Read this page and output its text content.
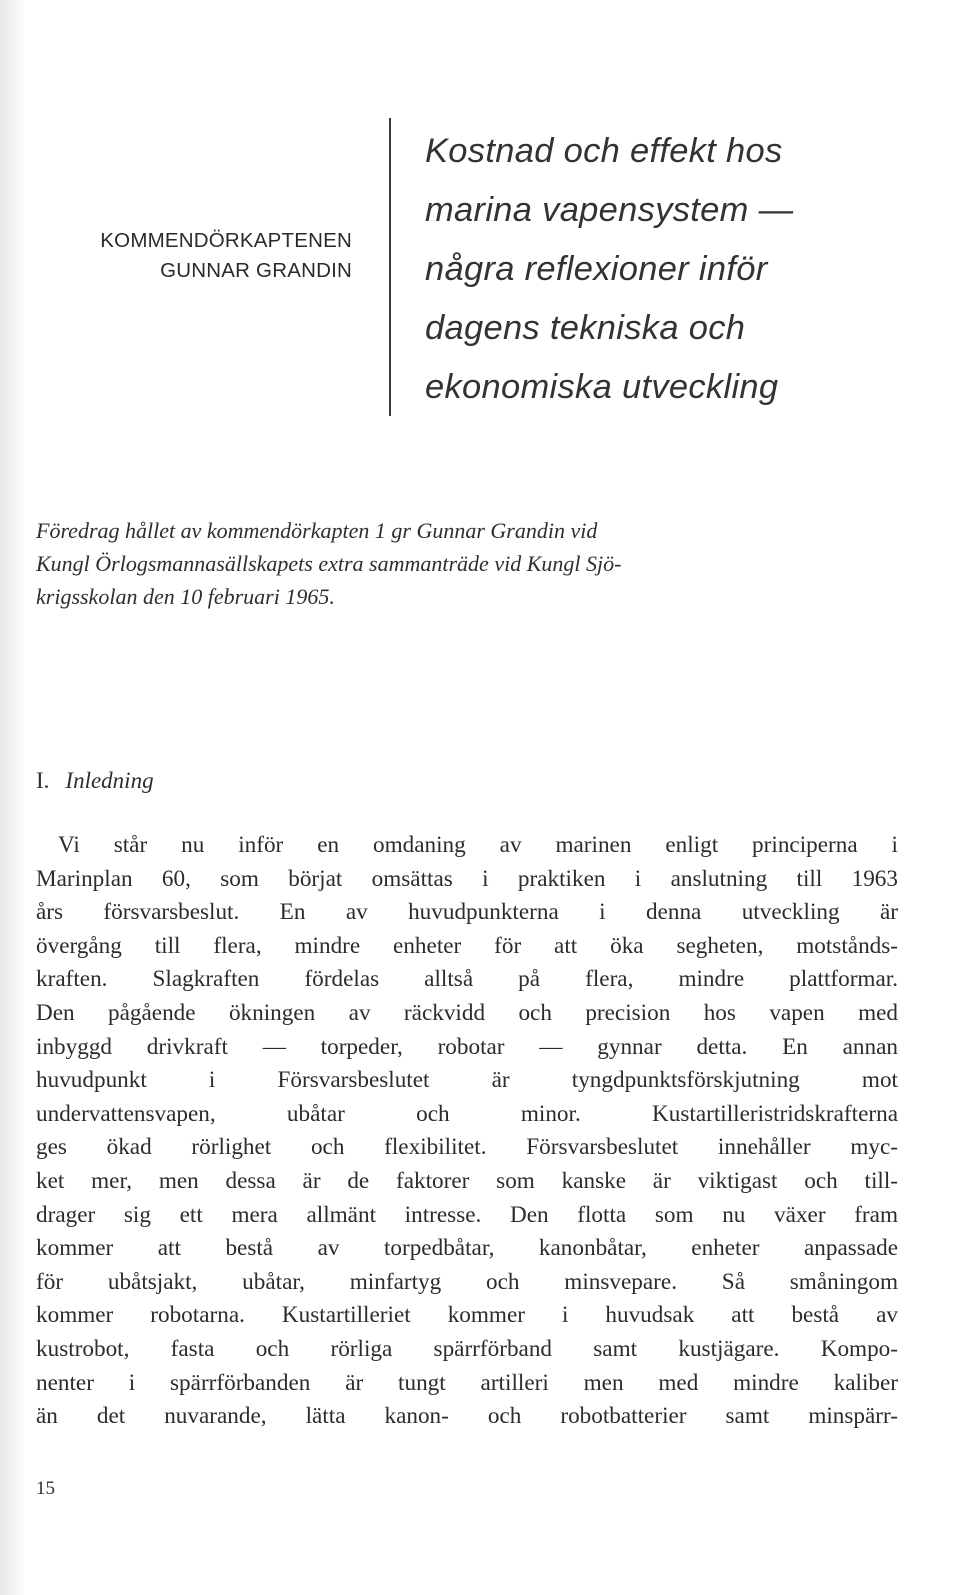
KOMMENDÖRKAPTENEN
GUNNAR GRANDIN
Kostnad och effekt hos
marina vapensystem —
några reflexioner inför
dagens tekniska och
ekonomiska utveckling

Föredrag hållet av kommendörkapten 1 gr Gunnar Grandin vid
Kungl Örlogsmannasällskapets extra sammanträde vid Kungl Sjö-
krigsskolan den 10 februari 1965.

I. Inledning
Vi står nu inför en omdaning av marinen enligt principerna i
Marinplan 60, som börjat omsättas i praktiken i anslutning till 1963
års försvarsbeslut. En av huvudpunkterna i denna utveckling är
övergång till flera, mindre enheter för att öka segheten, motstånds-
kraften. Slagkraften fördelas alltså på flera, mindre plattformar.
Den pågående ökningen av räckvidd och precision hos vapen med
inbyggd drivkraft — torpeder, robotar — gynnar detta. En annan
huvudpunkt i Försvarsbeslutet är tyngdpunktsförskjutning mot
undervattensvapen, ubåtar och minor. Kustartilleristridskrafterna
ges ökad rörlighet och flexibilitet. Försvarsbeslutet innehåller myc-
ket mer, men dessa är de faktorer som kanske är viktigast och till-
drager sig ett mera allmänt intresse. Den flotta som nu växer fram
kommer att bestå av torpedbåtar, kanonbåtar, enheter anpassade
för ubåtsjakt, ubåtar, minfartyg och minsvepare. Så småningom
kommer robotarna. Kustartilleriet kommer i huvudsak att bestå av
kustrobot, fasta och rörliga spärrförband samt kustjägare. Kompo-
nenter i spärrförbanden är tungt artilleri men med mindre kaliber
än det nuvarande, lätta kanon- och robotbatterier samt minspärr-
15
